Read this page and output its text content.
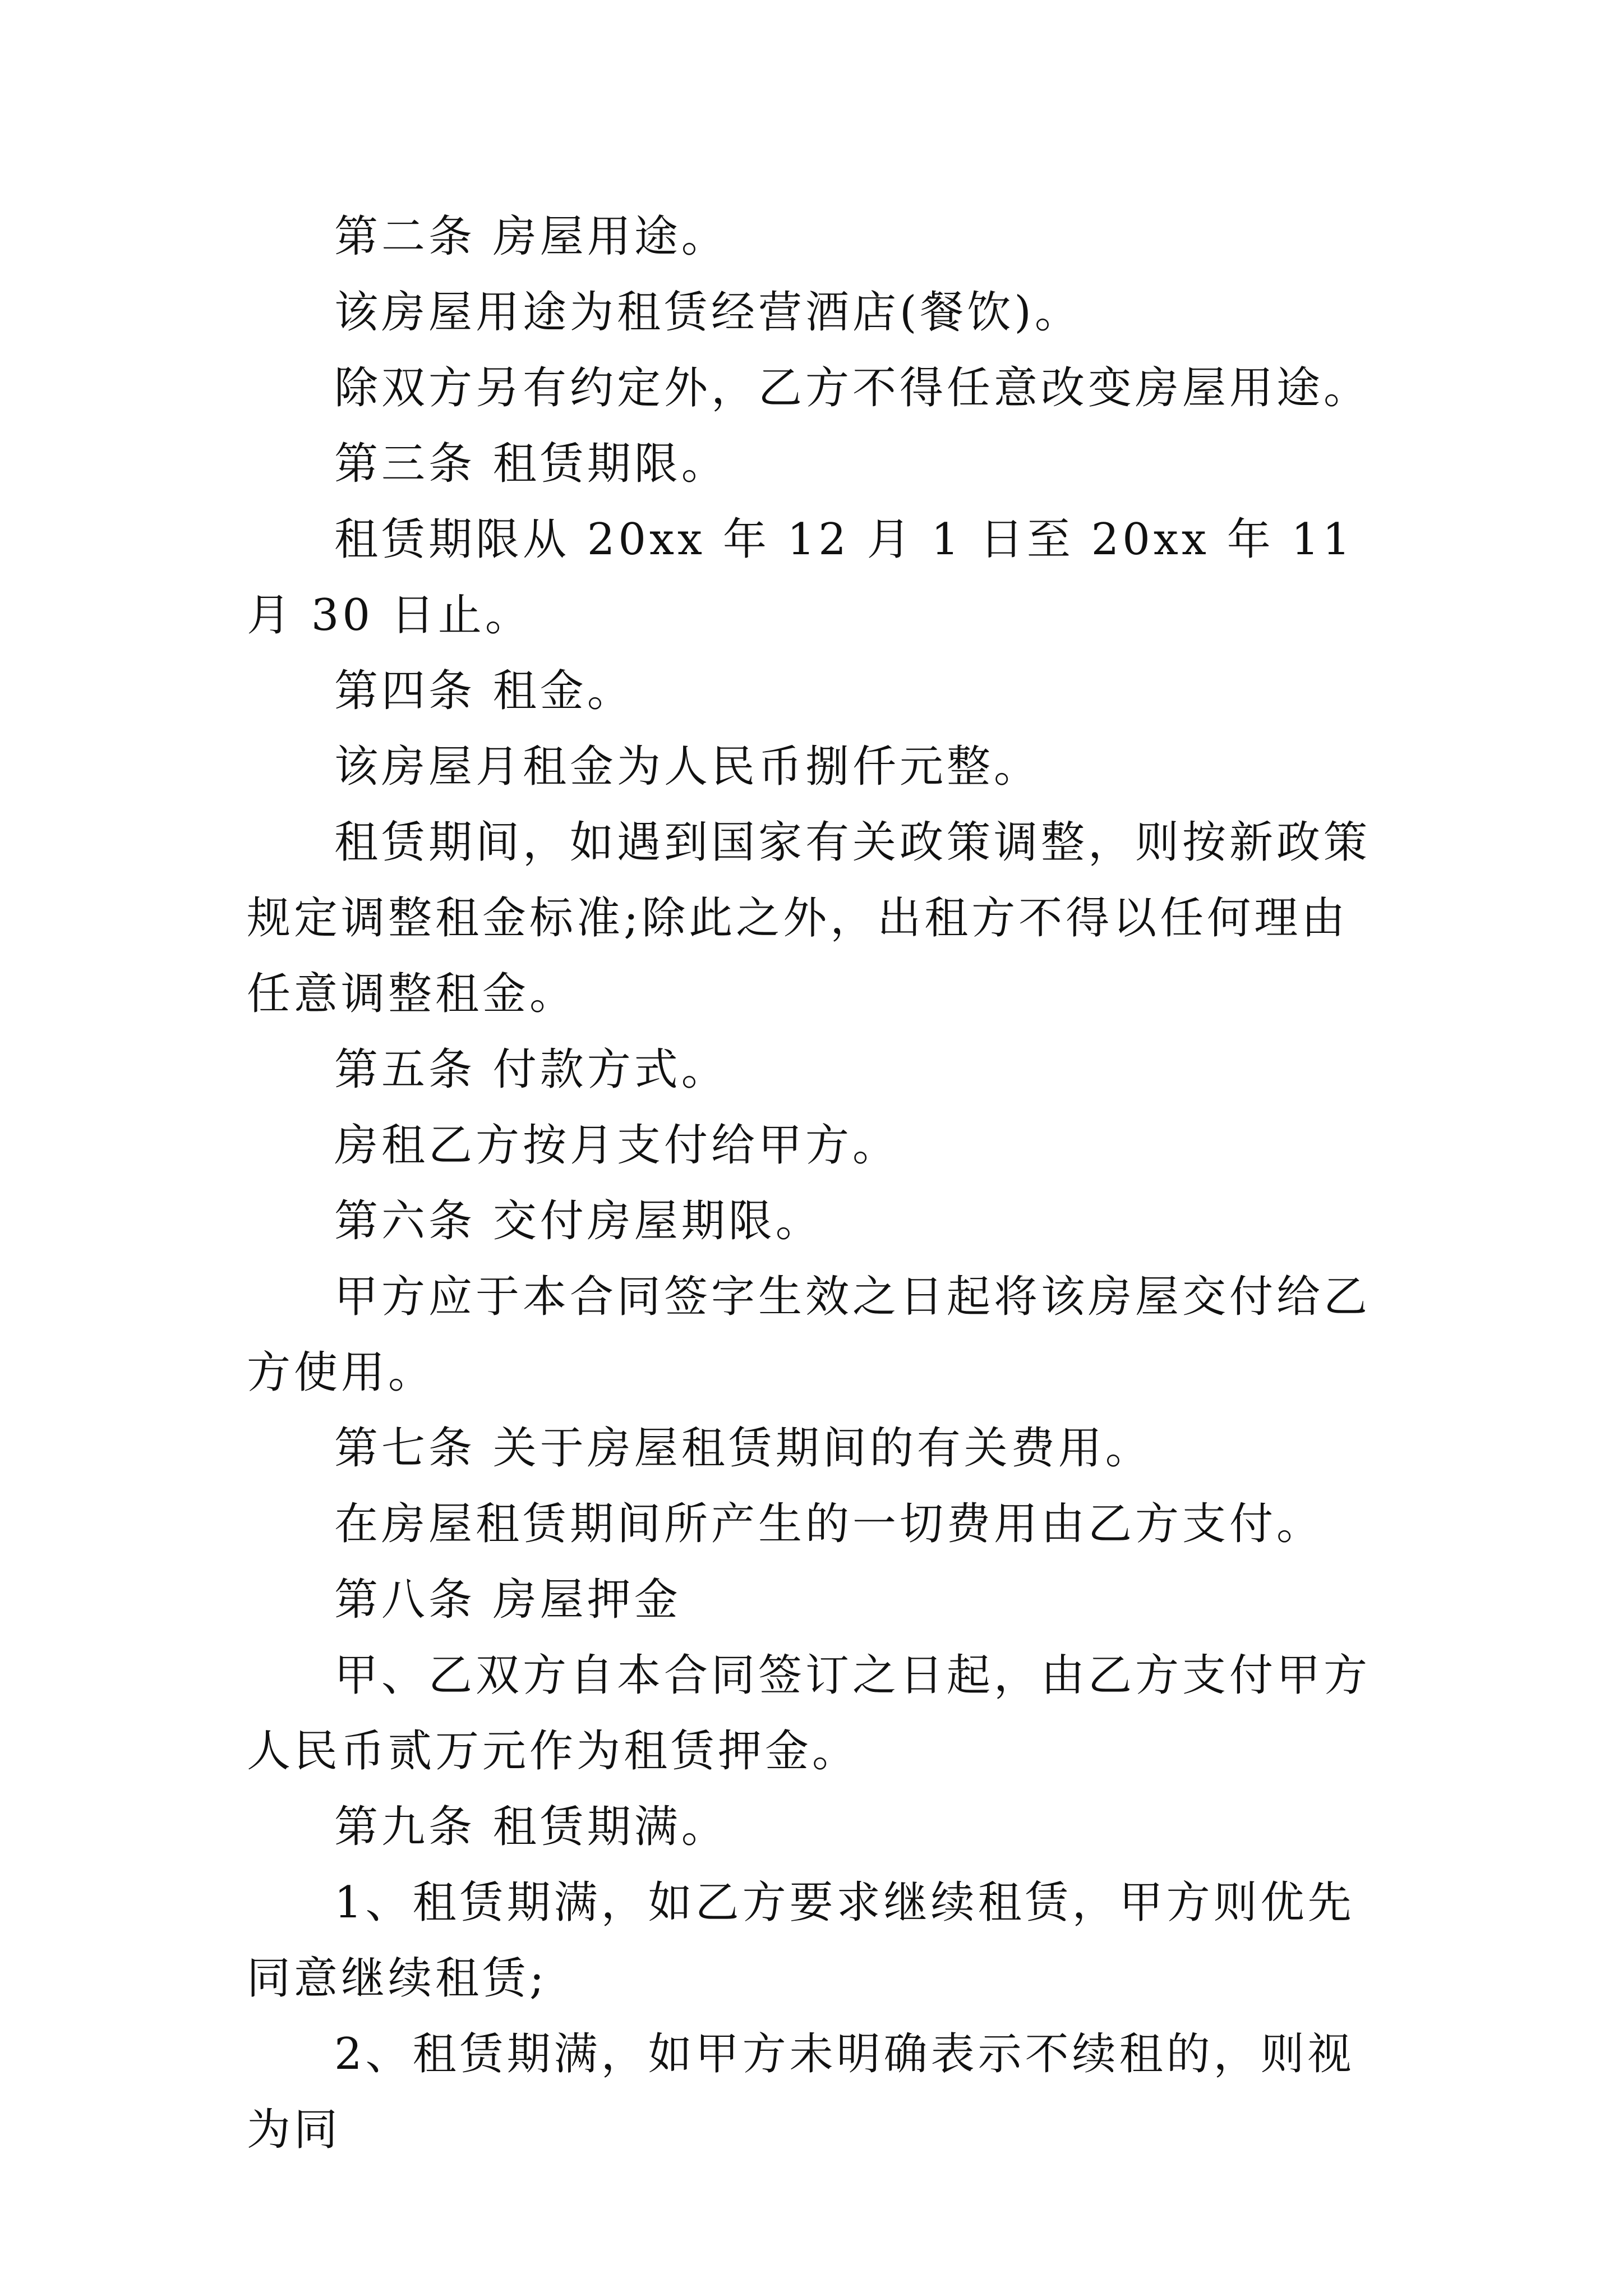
第二条 房屋用途。

该房屋用途为租赁经营酒店(餐饮)。

除双方另有约定外，乙方不得任意改变房屋用途。

第三条 租赁期限。

租赁期限从 20xx 年 12 月 1 日至 20xx 年 11 月 30 日止。

第四条 租金。

该房屋月租金为人民币捌仟元整。

租赁期间，如遇到国家有关政策调整，则按新政策规定调整租金标准;除此之外，出租方不得以任何理由任意调整租金。

第五条 付款方式。

房租乙方按月支付给甲方。

第六条 交付房屋期限。

甲方应于本合同签字生效之日起将该房屋交付给乙方使用。

第七条 关于房屋租赁期间的有关费用。

在房屋租赁期间所产生的一切费用由乙方支付。

第八条 房屋押金

甲、乙双方自本合同签订之日起，由乙方支付甲方人民币贰万元作为租赁押金。

第九条 租赁期满。

1、租赁期满，如乙方要求继续租赁，甲方则优先同意继续租赁;

2、租赁期满，如甲方未明确表示不续租的，则视为同
